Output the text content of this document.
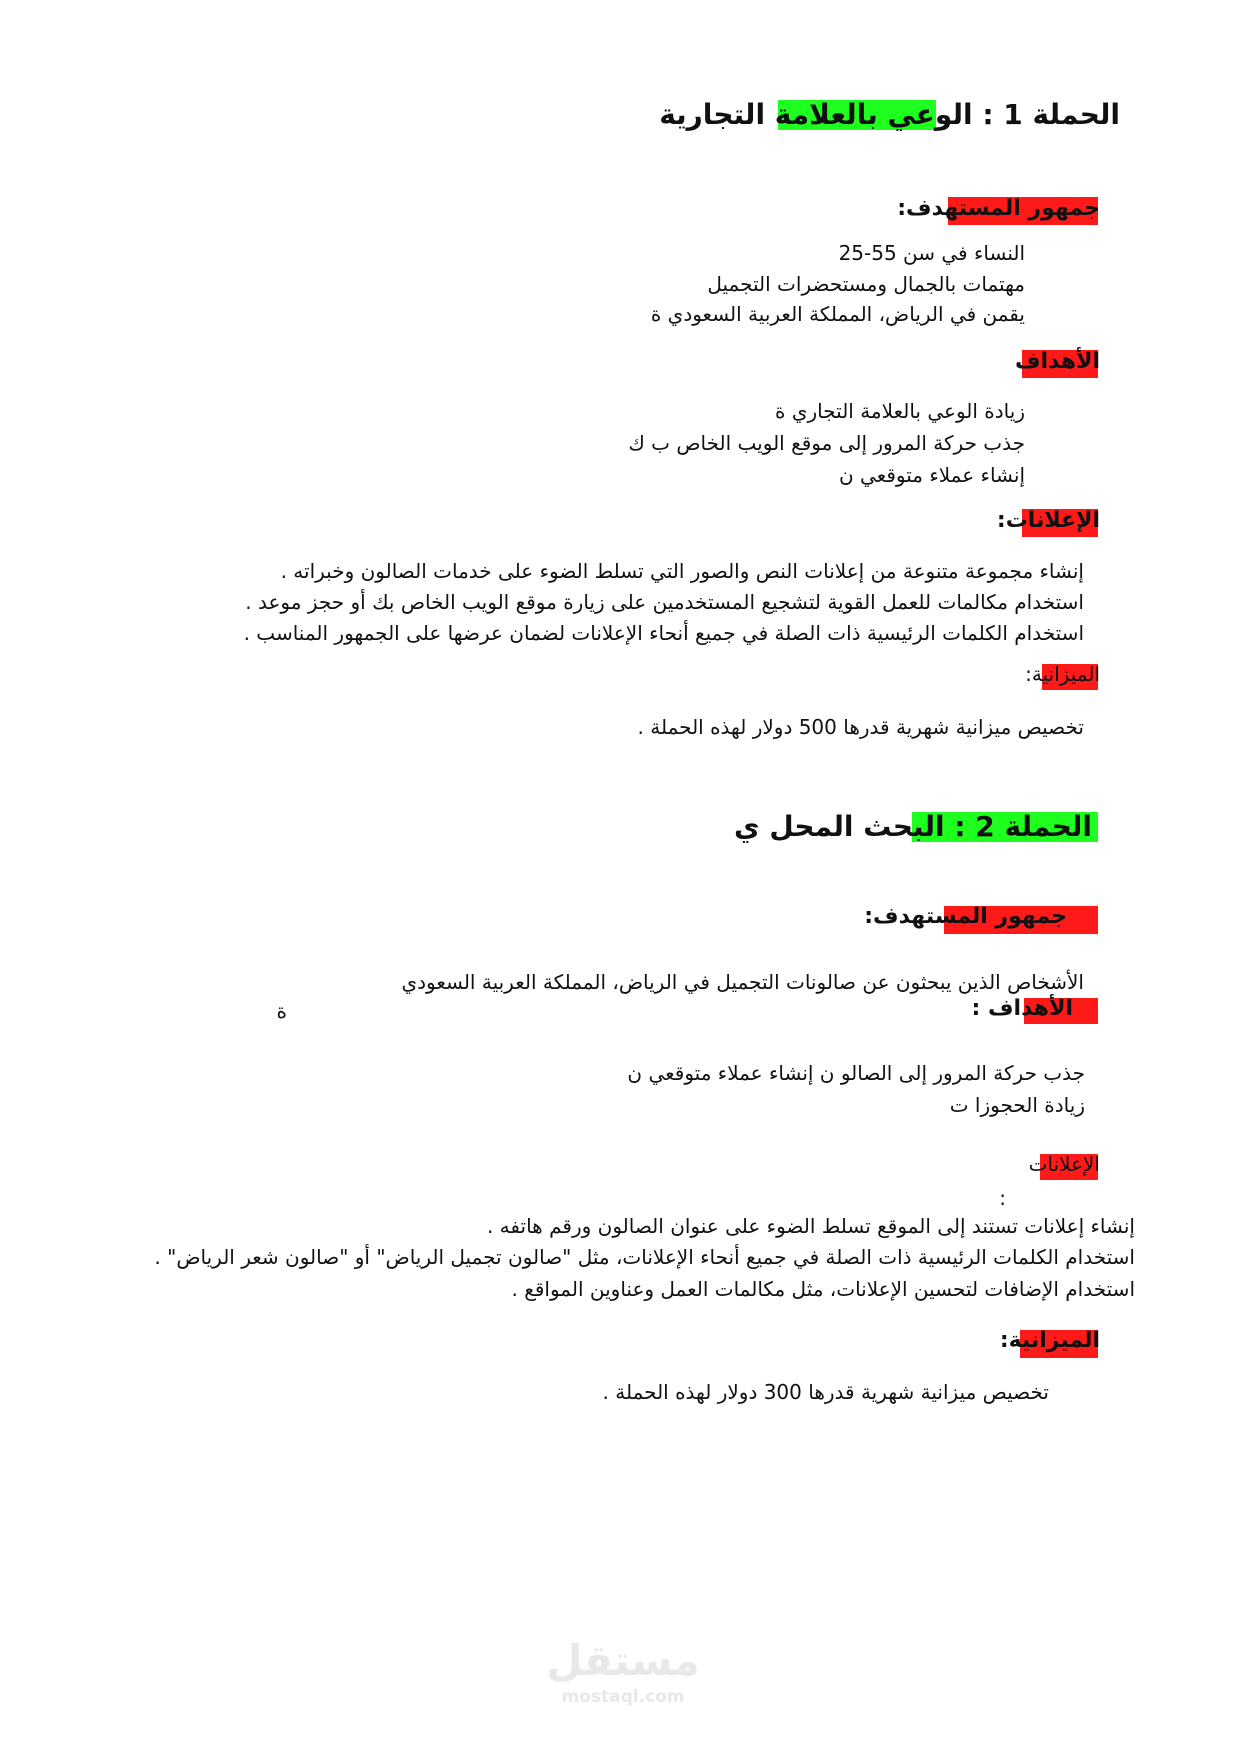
الحملة 1 : الوعي بالعلامة التجارية
جمهور المستهدف:
النساء في سن 55-25
مهتمات بالجمال ومستحضرات التجميل
يقمن في الرياض، المملكة العربية السعودي ة
الأهداف
زيادة الوعي بالعلامة التجاري ة
جذب حركة المرور إلى موقع الويب الخاص ب ك
إنشاء عملاء متوقعي ن
الإعلانات:
إنشاء مجموعة متنوعة من إعلانات النص والصور التي تسلط الضوء على خدمات الصالون وخبراته .
استخدام مكالمات للعمل القوية لتشجيع المستخدمين على زيارة موقع الويب الخاص بك أو حجز موعد .
استخدام الكلمات الرئيسية ذات الصلة في جميع أنحاء الإعلانات لضمان عرضها على الجمهور المناسب .
الميزانية:
تخصيص ميزانية شهرية قدرها 500 دولار لهذه الحملة .
الحملة 2 : البحث المحل ي
جمهور المستهدف:
الأشخاص الذين يبحثون عن صالونات التجميل في الرياض، المملكة العربية السعودي
ة	الأهداف :
جذب حركة المرور إلى الصالو ن إنشاء عملاء متوقعي ن
زيادة الحجوزا ت
الإعلانات
:
إنشاء إعلانات تستند إلى الموقع تسلط الضوء على عنوان الصالون ورقم هاتفه .
استخدام الكلمات الرئيسية ذات الصلة في جميع أنحاء الإعلانات، مثل "صالون تجميل الرياض" أو "صالون شعر الرياض" .
استخدام الإضافات لتحسين الإعلانات، مثل مكالمات العمل وعناوين المواقع .
الميزانية:
تخصيص ميزانية شهرية قدرها 300 دولار لهذه الحملة .
مستقل
mostaql.com
